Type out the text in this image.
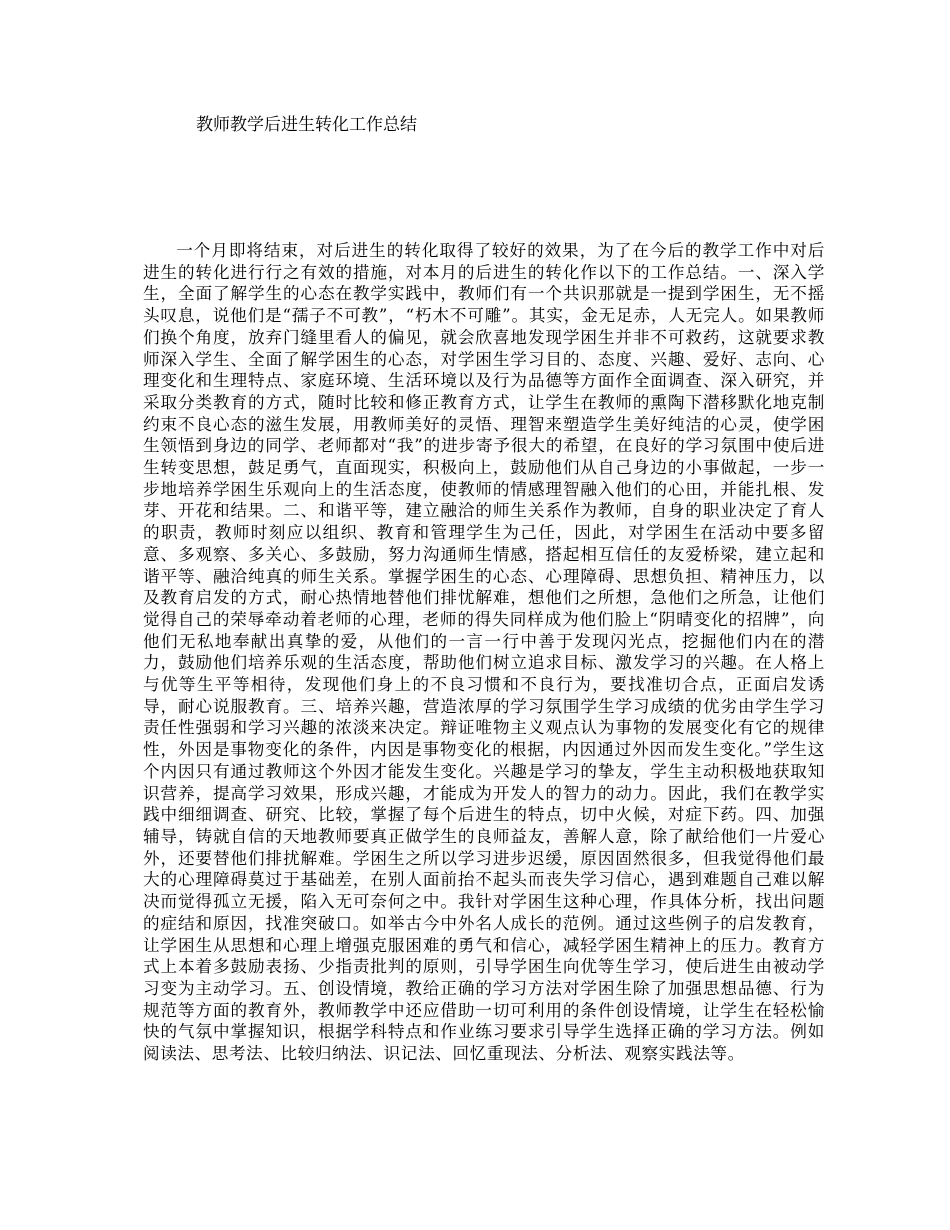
教师教学后进生转化工作总结

一个月即将结束，对后进生的转化取得了较好的效果，为了在今后的教学工作中对后进生的转化进行行之有效的措施，对本月的后进生的转化作以下的工作总结。一、深入学生，全面了解学生的心态在教学实践中，教师们有一个共识那就是一提到学困生，无不摇头叹息，说他们是“孺子不可教”，“朽木不可雕”。其实，金无足赤，人无完人。如果教师们换个角度，放弃门缝里看人的偏见，就会欣喜地发现学困生并非不可救药，这就要求教师深入学生、全面了解学困生的心态，对学困生学习目的、态度、兴趣、爱好、志向、心理变化和生理特点、家庭环境、生活环境以及行为品德等方面作全面调查、深入研究，并采取分类教育的方式，随时比较和修正教育方式，让学生在教师的熏陶下潜移默化地克制约束不良心态的滋生发展，用教师美好的灵悟、理智来塑造学生美好纯洁的心灵，使学困生领悟到身边的同学、老师都对“我”的进步寄予很大的希望，在良好的学习氛围中使后进生转变思想，鼓足勇气，直面现实，积极向上，鼓励他们从自己身边的小事做起，一步一步地培养学困生乐观向上的生活态度，使教师的情感理智融入他们的心田，并能扎根、发芽、开花和结果。二、和谐平等，建立融洽的师生关系作为教师，自身的职业决定了育人的职责，教师时刻应以组织、教育和管理学生为己任，因此，对学困生在活动中要多留意、多观察、多关心、多鼓励，努力沟通师生情感，搭起相互信任的友爱桥梁，建立起和谐平等、融洽纯真的师生关系。掌握学困生的心态、心理障碍、思想负担、精神压力，以及教育启发的方式，耐心热情地替他们排忧解难，想他们之所想，急他们之所急，让他们觉得自己的荣辱牵动着老师的心理，老师的得失同样成为他们脸上“阴晴变化的招牌”，向他们无私地奉献出真挚的爱，从他们的一言一行中善于发现闪光点，挖掘他们内在的潜力，鼓励他们培养乐观的生活态度，帮助他们树立追求目标、激发学习的兴趣。在人格上与优等生平等相待，发现他们身上的不良习惯和不良行为，要找准切合点，正面启发诱导，耐心说服教育。三、培养兴趣，营造浓厚的学习氛围学生学习成绩的优劣由学生学习责任性强弱和学习兴趣的浓淡来决定。辩证唯物主义观点认为事物的发展变化有它的规律性，外因是事物变化的条件，内因是事物变化的根据，内因通过外因而发生变化。”学生这个内因只有通过教师这个外因才能发生变化。兴趣是学习的挚友，学生主动积极地获取知识营养，提高学习效果，形成兴趣，才能成为开发人的智力的动力。因此，我们在教学实践中细细调查、研究、比较，掌握了每个后进生的特点，切中火候，对症下药。四、加强辅导，铸就自信的天地教师要真正做学生的良师益友，善解人意，除了献给他们一片爱心外，还要替他们排扰解难。学困生之所以学习进步迟缓，原因固然很多，但我觉得他们最大的心理障碍莫过于基础差，在别人面前抬不起头而丧失学习信心，遇到难题自己难以解决而觉得孤立无援，陷入无可奈何之中。我针对学困生这种心理，作具体分析，找出问题的症结和原因，找准突破口。如举古今中外名人成长的范例。通过这些例子的启发教育，让学困生从思想和心理上增强克服困难的勇气和信心，减轻学困生精神上的压力。教育方式上本着多鼓励表扬、少指责批判的原则，引导学困生向优等生学习，使后进生由被动学习变为主动学习。五、创设情境，教给正确的学习方法对学困生除了加强思想品德、行为规范等方面的教育外，教师教学中还应借助一切可利用的条件创设情境，让学生在轻松愉快的气氛中掌握知识，根据学科特点和作业练习要求引导学生选择正确的学习方法。例如阅读法、思考法、比较归纳法、识记法、回忆重现法、分析法、观察实践法等。
